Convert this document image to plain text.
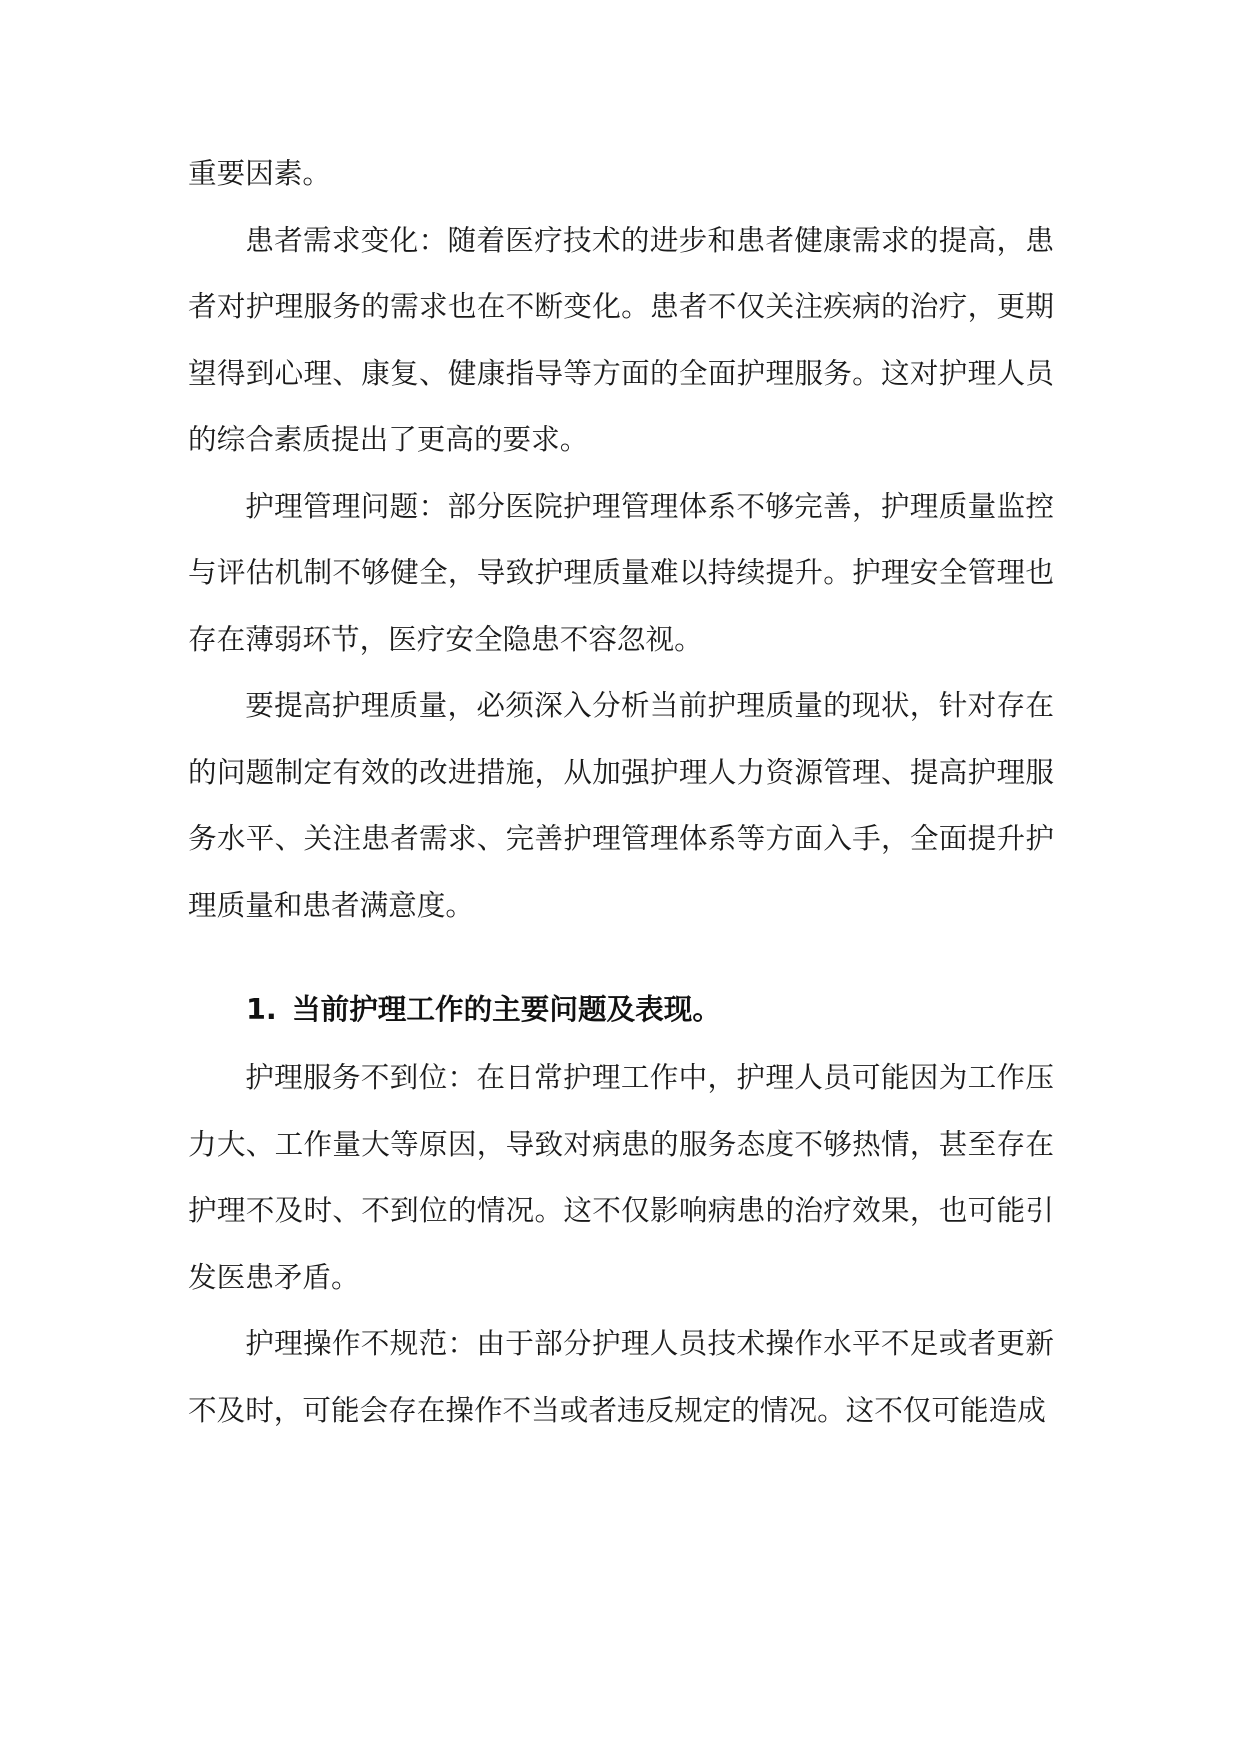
重要因素。

患者需求变化：随着医疗技术的进步和患者健康需求的提高，患者对护理服务的需求也在不断变化。患者不仅关注疾病的治疗，更期望得到心理、康复、健康指导等方面的全面护理服务。这对护理人员的综合素质提出了更高的要求。

护理管理问题：部分医院护理管理体系不够完善，护理质量监控与评估机制不够健全，导致护理质量难以持续提升。护理安全管理也存在薄弱环节，医疗安全隐患不容忽视。

要提高护理质量，必须深入分析当前护理质量的现状，针对存在的问题制定有效的改进措施，从加强护理人力资源管理、提高护理服务水平、关注患者需求、完善护理管理体系等方面入手，全面提升护理质量和患者满意度。

1. 当前护理工作的主要问题及表现。

护理服务不到位：在日常护理工作中，护理人员可能因为工作压力大、工作量大等原因，导致对病患的服务态度不够热情，甚至存在护理不及时、不到位的情况。这不仅影响病患的治疗效果，也可能引发医患矛盾。

护理操作不规范：由于部分护理人员技术操作水平不足或者更新不及时，可能会存在操作不当或者违反规定的情况。这不仅可能造成
